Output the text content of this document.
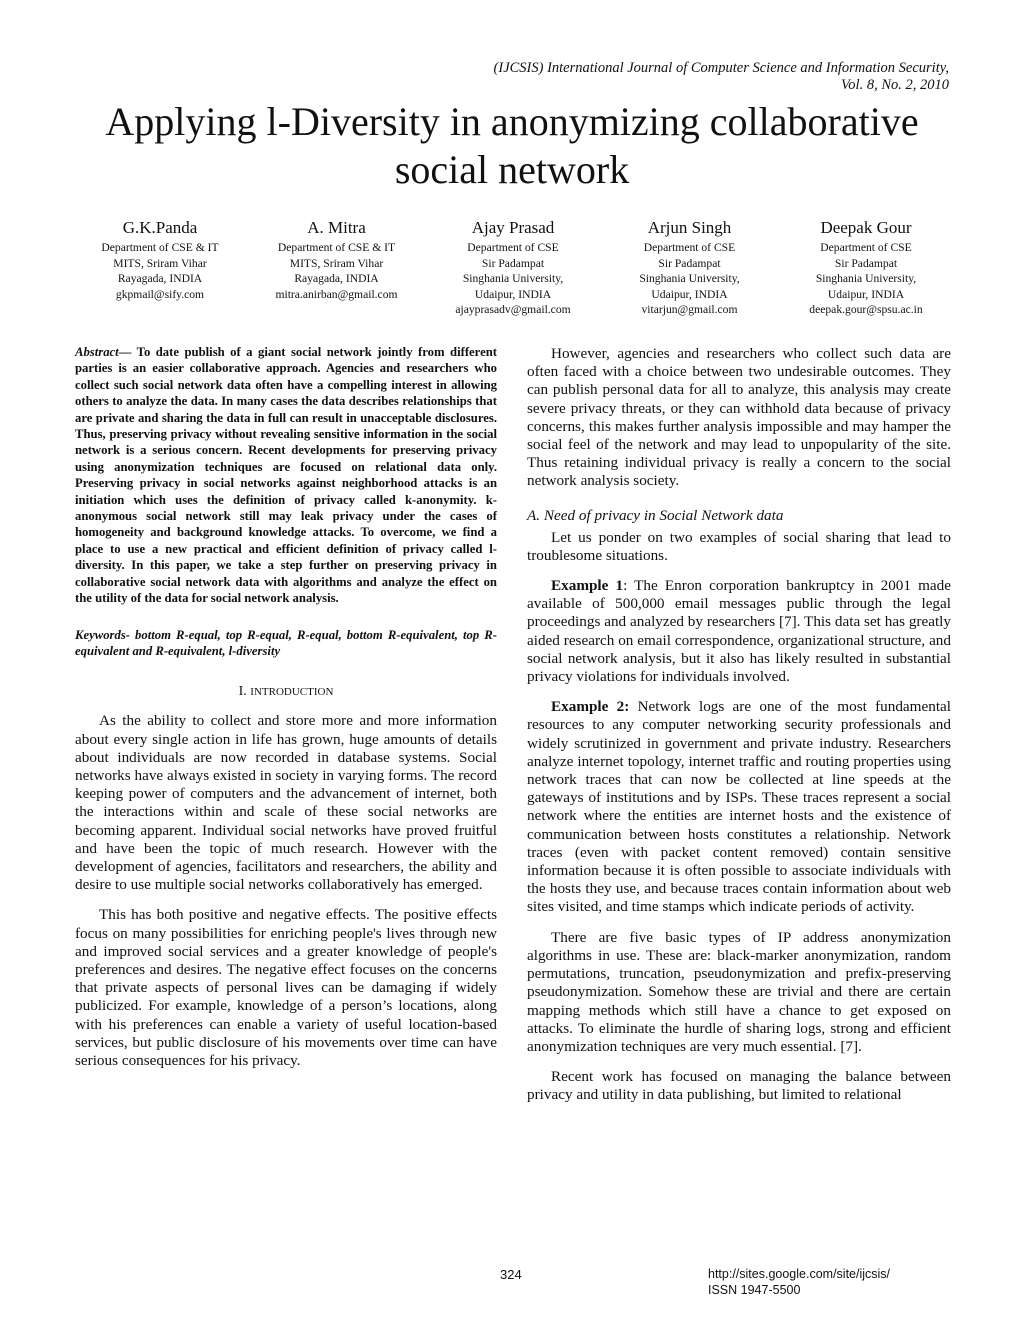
(IJCSIS) International Journal of Computer Science and Information Security,
Vol. 8, No. 2, 2010
Applying l-Diversity in anonymizing collaborative
social network
G.K.Panda
Department of CSE & IT
MITS, Sriram Vihar
Rayagada, INDIA
gkpmail@sify.com
A. Mitra
Department of CSE & IT
MITS, Sriram Vihar
Rayagada, INDIA
mitra.anirban@gmail.com
Ajay Prasad
Department of CSE
Sir Padampat
Singhania University,
Udaipur, INDIA
ajayprasadv@gmail.com
Arjun Singh
Department of CSE
Sir Padampat
Singhania University,
Udaipur, INDIA
vitarjun@gmail.com
Deepak Gour
Department of CSE
Sir Padampat
Singhania University,
Udaipur, INDIA
deepak.gour@spsu.ac.in

Abstract— To date publish of a giant social network jointly from different parties is an easier collaborative approach. Agencies and researchers who collect such social network data often have a compelling interest in allowing others to analyze the data. In many cases the data describes relationships that are private and sharing the data in full can result in unacceptable disclosures. Thus, preserving privacy without revealing sensitive information in the social network is a serious concern. Recent developments for preserving privacy using anonymization techniques are focused on relational data only. Preserving privacy in social networks against neighborhood attacks is an initiation which uses the definition of privacy called k-anonymity. k-anonymous social network still may leak privacy under the cases of homogeneity and background knowledge attacks. To overcome, we find a place to use a new practical and efficient definition of privacy called l-diversity. In this paper, we take a step further on preserving privacy in collaborative social network data with algorithms and analyze the effect on the utility of the data for social network analysis.

Keywords- bottom R-equal, top R-equal, R-equal, bottom R-equivalent, top R-equivalent and R-equivalent, l-diversity

I. INTRODUCTION

As the ability to collect and store more and more information about every single action in life has grown, huge amounts of details about individuals are now recorded in database systems. Social networks have always existed in society in varying forms. The record keeping power of computers and the advancement of internet, both the interactions within and scale of these social networks are becoming apparent. Individual social networks have proved fruitful and have been the topic of much research. However with the development of agencies, facilitators and researchers, the ability and desire to use multiple social networks collaboratively has emerged.

This has both positive and negative effects. The positive effects focus on many possibilities for enriching people's lives through new and improved social services and a greater knowledge of people's preferences and desires. The negative effect focuses on the concerns that private aspects of personal lives can be damaging if widely publicized. For example, knowledge of a person’s locations, along with his preferences can enable a variety of useful location-based services, but public disclosure of his movements over time can have serious consequences for his privacy.

However, agencies and researchers who collect such data are often faced with a choice between two undesirable outcomes. They can publish personal data for all to analyze, this analysis may create severe privacy threats, or they can withhold data because of privacy concerns, this makes further analysis impossible and may hamper the social feel of the network and may lead to unpopularity of the site. Thus retaining individual privacy is really a concern to the social network analysis society.

A. Need of privacy in Social Network data

Let us ponder on two examples of social sharing that lead to troublesome situations.

Example 1: The Enron corporation bankruptcy in 2001 made available of 500,000 email messages public through the legal proceedings and analyzed by researchers [7]. This data set has greatly aided research on email correspondence, organizational structure, and social network analysis, but it also has likely resulted in substantial privacy violations for individuals involved.

Example 2: Network logs are one of the most fundamental resources to any computer networking security professionals and widely scrutinized in government and private industry. Researchers analyze internet topology, internet traffic and routing properties using network traces that can now be collected at line speeds at the gateways of institutions and by ISPs. These traces represent a social network where the entities are internet hosts and the existence of communication between hosts constitutes a relationship. Network traces (even with packet content removed) contain sensitive information because it is often possible to associate individuals with the hosts they use, and because traces contain information about web sites visited, and time stamps which indicate periods of activity.

There are five basic types of IP address anonymization algorithms in use. These are: black-marker anonymization, random permutations, truncation, pseudonymization and prefix-preserving pseudonymization. Somehow these are trivial and there are certain mapping methods which still have a chance to get exposed on attacks. To eliminate the hurdle of sharing logs, strong and efficient anonymization techniques are very much essential. [7].

Recent work has focused on managing the balance between privacy and utility in data publishing, but limited to relational

324	http://sites.google.com/site/ijcsis/
ISSN 1947-5500
